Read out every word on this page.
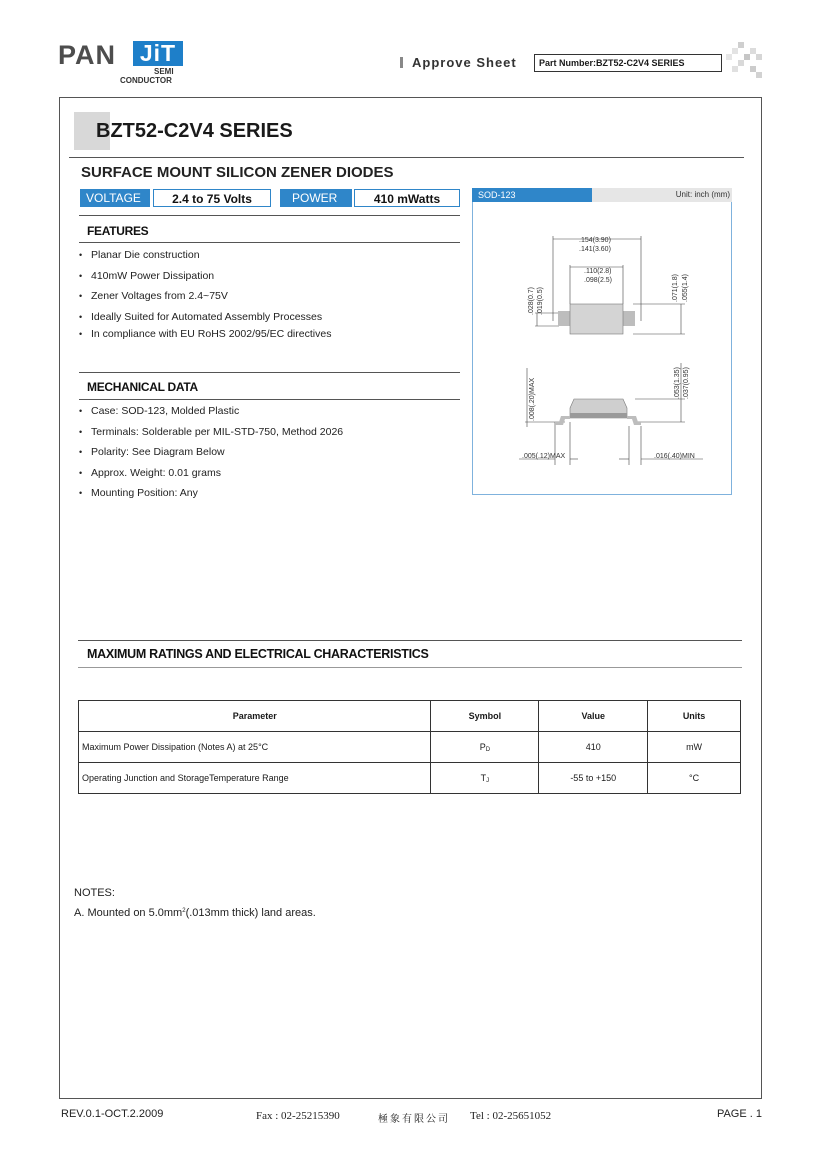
PAN JiT
SEMI
CONDUCTOR
Approve Sheet	Part Number:BZT52-C2V4 SERIES
BZT52-C2V4 SERIES
SURFACE MOUNT SILICON ZENER DIODES
VOLTAGE	2.4 to 75 Volts	POWER	410 mWatts
FEATURES
• Planar Die construction
• 410mW Power Dissipation
• Zener Voltages from 2.4~75V
• Ideally Suited for Automated Assembly Processes
• In compliance with EU RoHS 2002/95/EC directives
MECHANICAL DATA
• Case: SOD-123, Molded Plastic
• Terminals: Solderable per MIL-STD-750, Method 2026
• Polarity: See Diagram Below
• Approx. Weight: 0.01 grams
• Mounting Position: Any
SOD-123	Unit: inch (mm)
.154(3.90)
.141(3.60)
.110(2.8)
.098(2.5)
.028(0.7) .019(0.5)	.071(1.8) .055(1.4)
.008(.20)MAX	.053(1.35) .037(0.95)
.005(.12)MAX	.016(.40)MIN
MAXIMUM RATINGS AND ELECTRICAL CHARACTERISTICS
Parameter	Symbol	Value	Units
Maximum Power Dissipation (Notes A) at 25°C	$P_D$	410	mW
Operating Junction and StorageTemperature Range	$T_J$	-55 to +150	°C
NOTES:
A. Mounted on $5.0mm^2(.013mm$ thick) land areas.
REV.0.1-OCT.2.2009	Fax : 02-25215390	極象有限公司 Tel : 02-25651052	PAGE . 1
